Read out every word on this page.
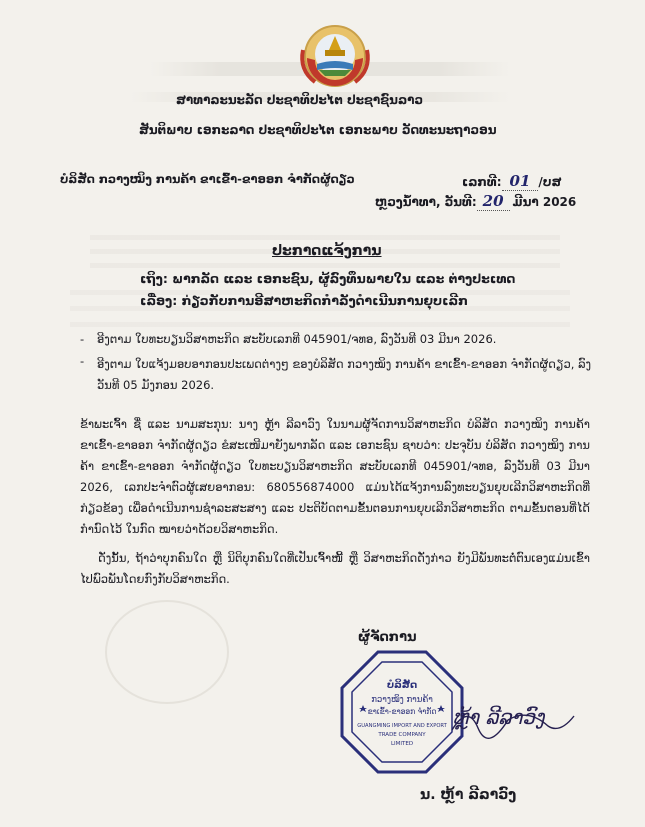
ສາທາລະນະລັດ ປະຊາທິປະໄຕ ປະຊາຊົນລາວ
ສັນຕິພາບ ເອກະລາດ ປະຊາທິປະໄຕ ເອກະພາບ ວັດທະນະຖາວອນ
ບໍລິສັດ ກວາງໝິງ ການຄ້າ ຂາເຂົ້າ-ຂາອອກ ຈຳກັດຜູ້ດຽວ	ເລກທີ: 01 /ບສ
ຫຼວງນ້ຳທາ, ວັນທີ: 20 ມີນາ 2026
ປະກາດແຈ້ງການ
ເຖິງ: ພາກລັດ ແລະ ເອກະຊົນ, ຜູ້ລົງທຶນພາຍໃນ ແລະ ຕ່າງປະເທດ
ເລື່ອງ: ກ່ຽວກັບການອີສາຫະກິດກຳລັງດຳເນີນການຍຸບເລີກ
- ອີງຕາມ ໃບທະບຽນວິສາຫະກິດ ສະບັບເລກທີ 045901/ຈທອ, ລົງວັນທີ 03 ມີນາ 2026.
- ອີງຕາມ ໃບແຈ້ງມອບອາກອນປະເພດຕ່າງໆ ຂອງບໍລິສັດ ກວາງໝິງ ການຄ້າ ຂາເຂົ້າ-ຂາອອກ ຈຳກັດຜູ້ດຽວ, ລົງວັນທີ 05 ມັງກອນ 2026.
ຂ້າພະເຈົ້າ ຊື່ ແລະ ນາມສະກຸນ: ນາງ ຫຼ້າ ລີລາວົງ ໃນນາມຜູ້ຈັດການວິສາຫະກິດ ບໍລິສັດ ກວາງໝິງ ການຄ້າ ຂາເຂົ້າ-ຂາອອກ ຈຳກັດຜູ້ດຽວ ຂໍສະເໜີມາຍັງພາກລັດ ແລະ ເອກະຊົນ ຊາບວ່າ: ປະຈຸບັນ ບໍລິສັດ ກວາງໝິງ ການຄ້າ ຂາເຂົ້າ-ຂາອອກ ຈຳກັດຜູ້ດຽວ ໃບທະບຽນວິສາຫະກິດ ສະບັບເລກທີ 045901/ຈທອ, ລົງວັນທີ 03 ມີນາ 2026, ເລກປະຈຳຕົວຜູ້ເສຍອາກອນ: 680556874000 ແມ່ນໄດ້ແຈ້ງການລົງທະບຽນຍຸບເລີກວິສາຫະກິດທີ່ກ່ຽວຂ້ອງ ເພື່ອດຳເນີນການຊຳລະສະສາງ ແລະ ປະຕິບັດຕາມຂັ້ນຕອນການຍຸບເລີກວິສາຫະກິດ ຕາມຂັ້ນຕອນທີ່ໄດ້ກຳນົດໄວ້ ໃນກົດ ໝາຍວ່າດ້ວຍວິສາຫະກິດ.
ດັ່ງນັ້ນ, ຖ້າວ່າບຸກຄົນໃດ ຫຼື ນິຕິບຸກຄົນໃດທີ່ເປັນເຈົ້າໜີ້ ຫຼື ວິສາຫະກິດດັ່ງກ່າວ ຍັງມີພັນທະຕໍ່ຕົນເອງແມ່ນເຂົ້າໄປພົວພັນໂດຍກົງກັບວິສາຫະກິດ.
ຜູ້ຈັດການ
ບໍລິສັດ
ກວາງໝິງ ການຄ້າ
ຂາເຂົ້າ-ຂາອອກ ຈຳກັດ
GUANGMING IMPORT AND EXPORT
TRADE COMPANY
LIMITED
ຫຼ້າ ລີລາວົງ
ນ. ຫຼ້າ ລີລາວົງ
